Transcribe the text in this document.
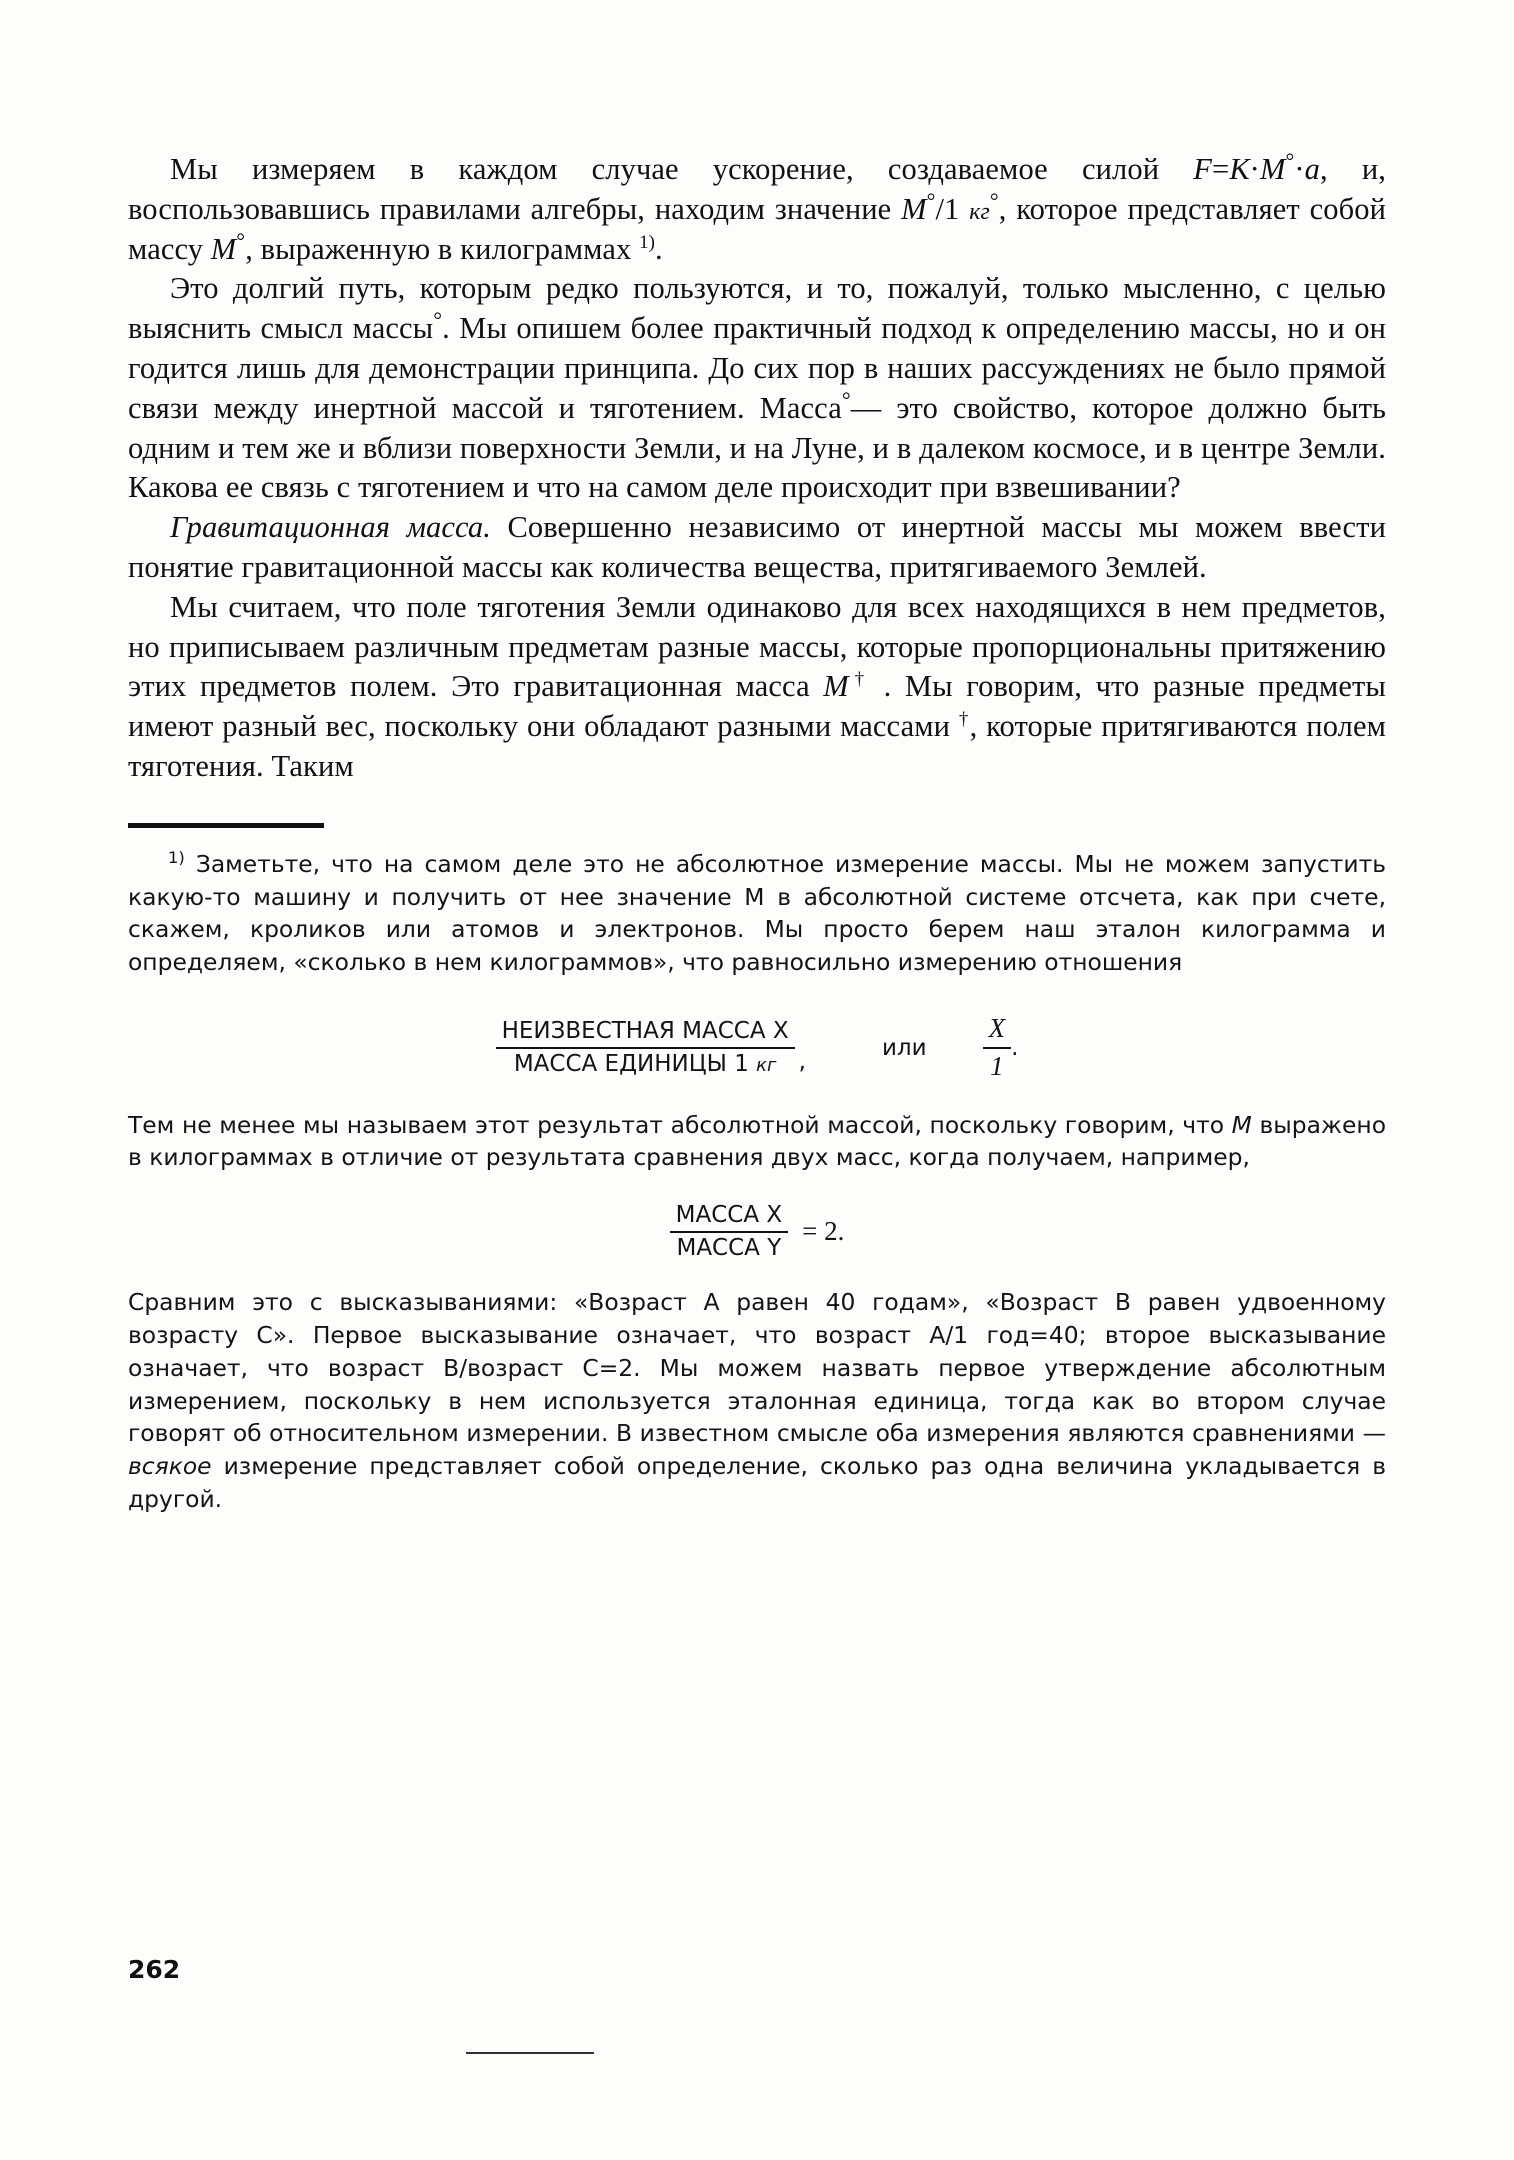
Мы измеряем в каждом случае ускорение, создаваемое силой F=К·М°·а, и, воспользовавшись правилами алгебры, находим значение М°/1 кг°, которое представляет собой массу М°, выраженную в килограммах $^{1)}$.

Это долгий путь, которым редко пользуются, и то, пожалуй, только мысленно, с целью выяснить смысл массы°. Мы опишем более практичный подход к определению массы, но и он годится лишь для демонстрации принципа. До сих пор в наших рассуждениях не было прямой связи между инертной массой и тяготением. Масса°— это свойство, которое должно быть одним и тем же и вблизи поверхности Земли, и на Луне, и в далеком космосе, и в центре Земли. Какова ее связь с тяготением и что на самом деле происходит при взвешивании?

Гравитационная масса. Совершенно независимо от инертной массы мы можем ввести понятие гравитационной массы как количества вещества, притягиваемого Землей.

Мы считаем, что поле тяготения Земли одинаково для всех находящихся в нем предметов, но приписываем различным предметам разные массы, которые пропорциональны притяжению этих предметов полем. Это гравитационная масса М† . Мы говорим, что разные предметы имеют разный вес, поскольку они обладают разными массами †, которые притягиваются полем тяготения. Таким

$^{1)}$ Заметьте, что на самом деле это не абсолютное измерение массы. Мы не можем запустить какую-то машину и получить от нее значение М в абсолютной системе отсчета, как при счете, скажем, кроликов или атомов и электронов. Мы просто берем наш эталон килограмма и определяем, «сколько в нем килограммов», что равносильно измерению отношения

$\frac{\text{НЕИЗВЕСТНАЯ МАССА X}}{\text{МАССА ЕДИНИЦЫ 1 кг}}$ ,
или $\frac{X}{1}$ .

Тем не менее мы называем этот результат абсолютной массой, поскольку говорим, что М выражено в килограммах в отличие от результата сравнения двух масс, когда получаем, например,

$\frac{\text{МАССА X}}{\text{МАССА Y}} = 2$.

Сравним это с высказываниями: «Возраст А равен 40 годам», «Возраст В равен удвоенному возрасту С». Первое высказывание означает, что возраст А/1 год=40; второе высказывание означает, что возраст В/возраст С=2. Мы можем назвать первое утверждение абсолютным измерением, поскольку в нем используется эталонная единица, тогда как во втором случае говорят об относительном измерении. В известном смысле оба измерения являются сравнениями — всякое измерение представляет собой определение, сколько раз одна величина укладывается в другой.

262
